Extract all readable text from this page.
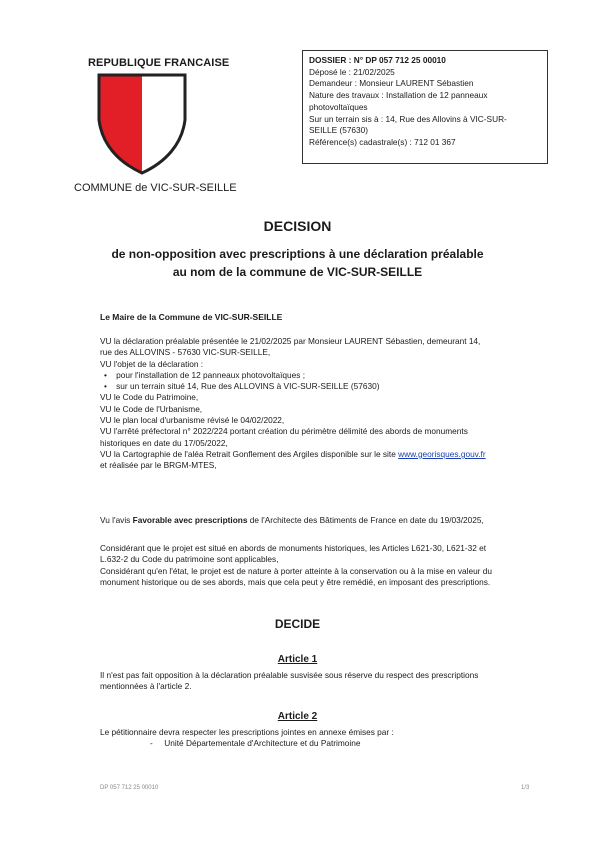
REPUBLIQUE FRANCAISE
COMMUNE de VIC-SUR-SEILLE
DOSSIER : N° DP 057 712 25 00010
Déposé le : 21/02/2025
Demandeur : Monsieur LAURENT Sébastien
Nature des travaux : Installation de 12 panneaux
photovoltaïques
Sur un terrain sis à : 14, Rue des Allovins à VIC-SUR-
SEILLE (57630)
Référence(s) cadastrale(s) : 712 01 367
DECISION
de non-opposition avec prescriptions à une déclaration préalable
au nom de la commune de VIC-SUR-SEILLE
Le Maire de la Commune de VIC-SUR-SEILLE
VU la déclaration préalable présentée le 21/02/2025 par Monsieur LAURENT Sébastien, demeurant 14,
rue des ALLOVINS - 57630 VIC-SUR-SEILLE,
VU l'objet de la déclaration :
•    pour l'installation de 12 panneaux photovoltaïques ;
•    sur un terrain situé 14, Rue des ALLOVINS à VIC-SUR-SEILLE (57630)
VU le Code du Patrimoine,
VU le Code de l'Urbanisme,
VU le plan local d'urbanisme révisé le 04/02/2022,
VU l'arrêté préfectoral n° 2022/224 portant création du périmètre délimité des abords de monuments
historiques en date du 17/05/2022,
VU la Cartographie de l'aléa Retrait Gonflement des Argiles disponible sur le site www.georisques.gouv.fr
et réalisée par le BRGM-MTES,
Vu l'avis Favorable avec prescriptions de l'Architecte des Bâtiments de France en date du 19/03/2025,
Considérant que le projet est situé en abords de monuments historiques, les Articles L621-30, L621-32 et
L.632-2 du Code du patrimoine sont applicables,
Considérant qu'en l'état, le projet est de nature à porter atteinte à la conservation ou à la mise en valeur du
monument historique ou de ses abords, mais que cela peut y être remédié, en imposant des prescriptions.
DECIDE
Article 1
Il n'est pas fait opposition à la déclaration préalable susvisée sous réserve du respect des prescriptions
mentionnées à l'article 2.
Article 2
Le pétitionnaire devra respecter les prescriptions jointes en annexe émises par :
-     Unité Départementale d'Architecture et du Patrimoine
DP 057 712 25 00010	1/3
